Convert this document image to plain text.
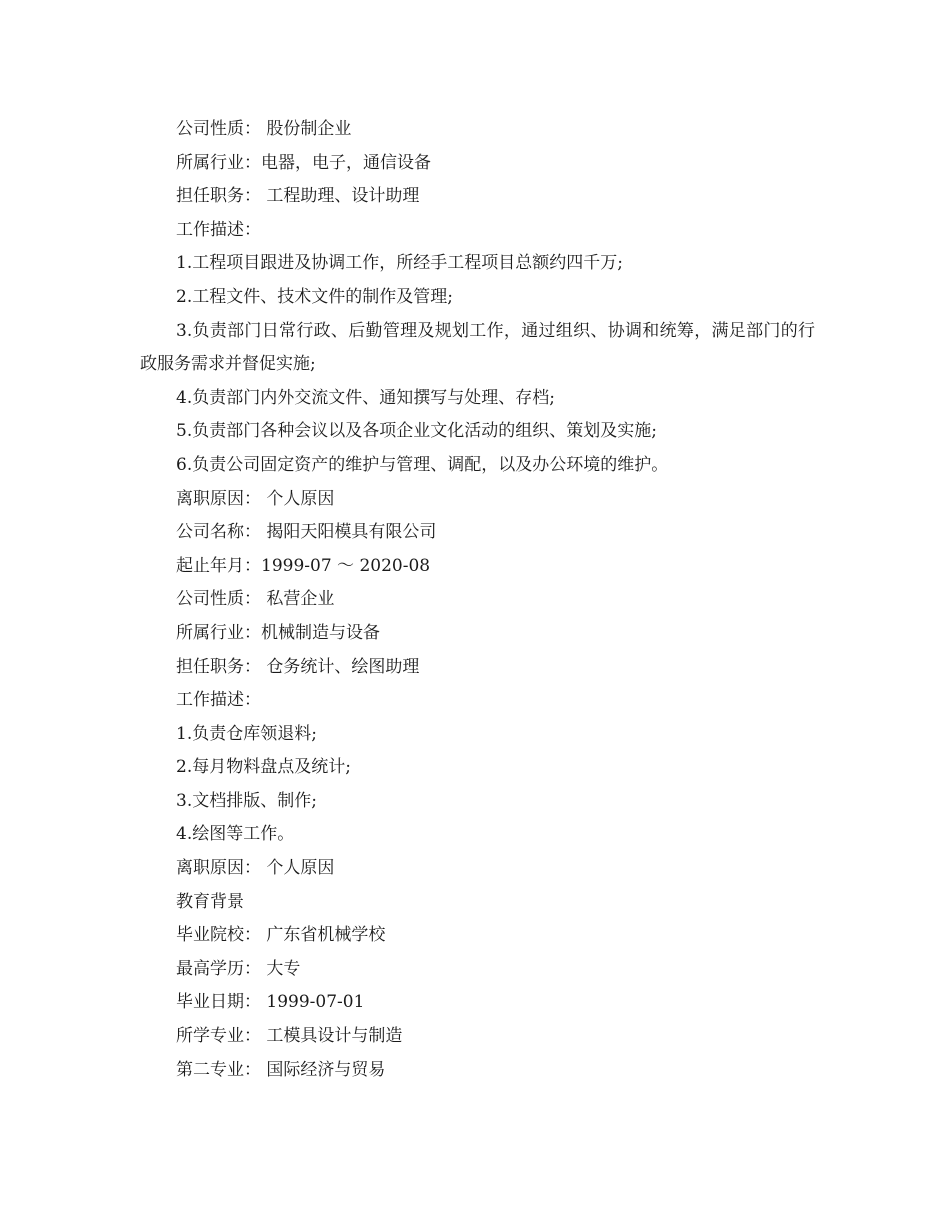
公司性质： 股份制企业

所属行业：电器，电子，通信设备

担任职务： 工程助理、设计助理

工作描述：

1.工程项目跟进及协调工作，所经手工程项目总额约四千万;

2.工程文件、技术文件的制作及管理;

3.负责部门日常行政、后勤管理及规划工作，通过组织、协调和统筹，满足部门的行政服务需求并督促实施;

4.负责部门内外交流文件、通知撰写与处理、存档;

5.负责部门各种会议以及各项企业文化活动的组织、策划及实施;

6.负责公司固定资产的维护与管理、调配，以及办公环境的维护。

离职原因： 个人原因

公司名称： 揭阳天阳模具有限公司

起止年月：1999-07 ～ 2020-08

公司性质： 私营企业

所属行业：机械制造与设备

担任职务： 仓务统计、绘图助理

工作描述：

1.负责仓库领退料;

2.每月物料盘点及统计;

3.文档排版、制作;

4.绘图等工作。

离职原因： 个人原因

教育背景

毕业院校： 广东省机械学校

最高学历： 大专

毕业日期： 1999-07-01

所学专业： 工模具设计与制造

第二专业： 国际经济与贸易
